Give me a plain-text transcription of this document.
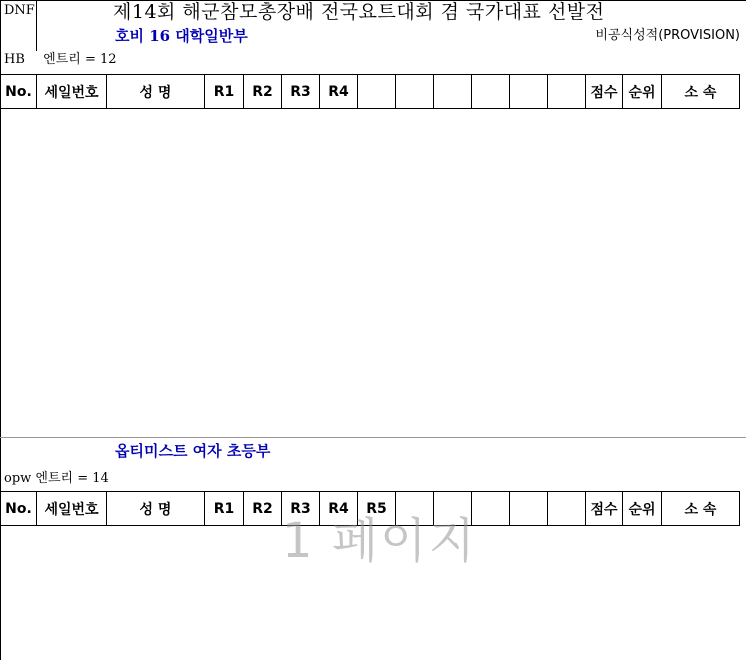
DNF	제14회 해군참모총장배 전국요트대회 겸 국가대표 선발전
호비 16 대학일반부	비공식성적(PROVISION)
HB 엔트리 = 12
No.	세일번호	성 명	R1	R2	R3	R4							점수	순위	소 속
옵티미스트 여자 초등부
opw 엔트리 = 14
No.	세일번호	성 명	R1	R2	R3	R4	R5						점수	순위	소 속
1 페이지
